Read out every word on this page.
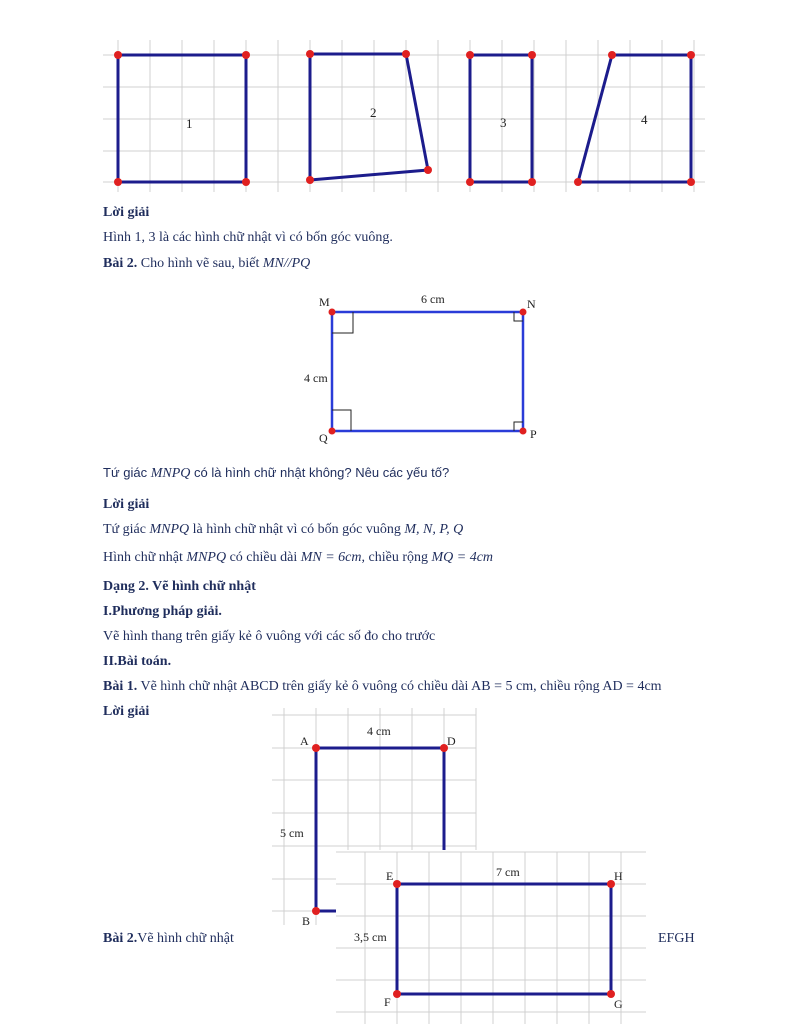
1
2
3	4
Lời giải
Hình 1, 3 là các hình chữ nhật vì có bốn góc vuông.
Bài 2. Cho hình vẽ sau, biết MN//PQ
6 cm
4 cm
M	N
P
Q
Tứ giác MNPQ có là hình chữ nhật không? Nêu các yếu tố?
Lời giải
Tứ giác MNPQ là hình chữ nhật vì có bốn góc vuông M, N, P, Q
Hình chữ nhật MNPQ có chiều dài MN = 6cm, chiều rộng MQ = 4cm
Dạng 2. Vẽ hình chữ nhật
I.Phương pháp giải.
Vẽ hình thang trên giấy kẻ ô vuông với các số đo cho trước
II.Bài toán.
Bài 1. Vẽ hình chữ nhật ABCD trên giấy kẻ ô vuông có chiều dài AB = 5 cm, chiều rộng AD = 4cm
Lời giải
4 cm
5 cm
A	D
B
7 cm
3,5 cm
E	H
F	G
Bài 2.Vẽ hình chữ nhật	EFGH
